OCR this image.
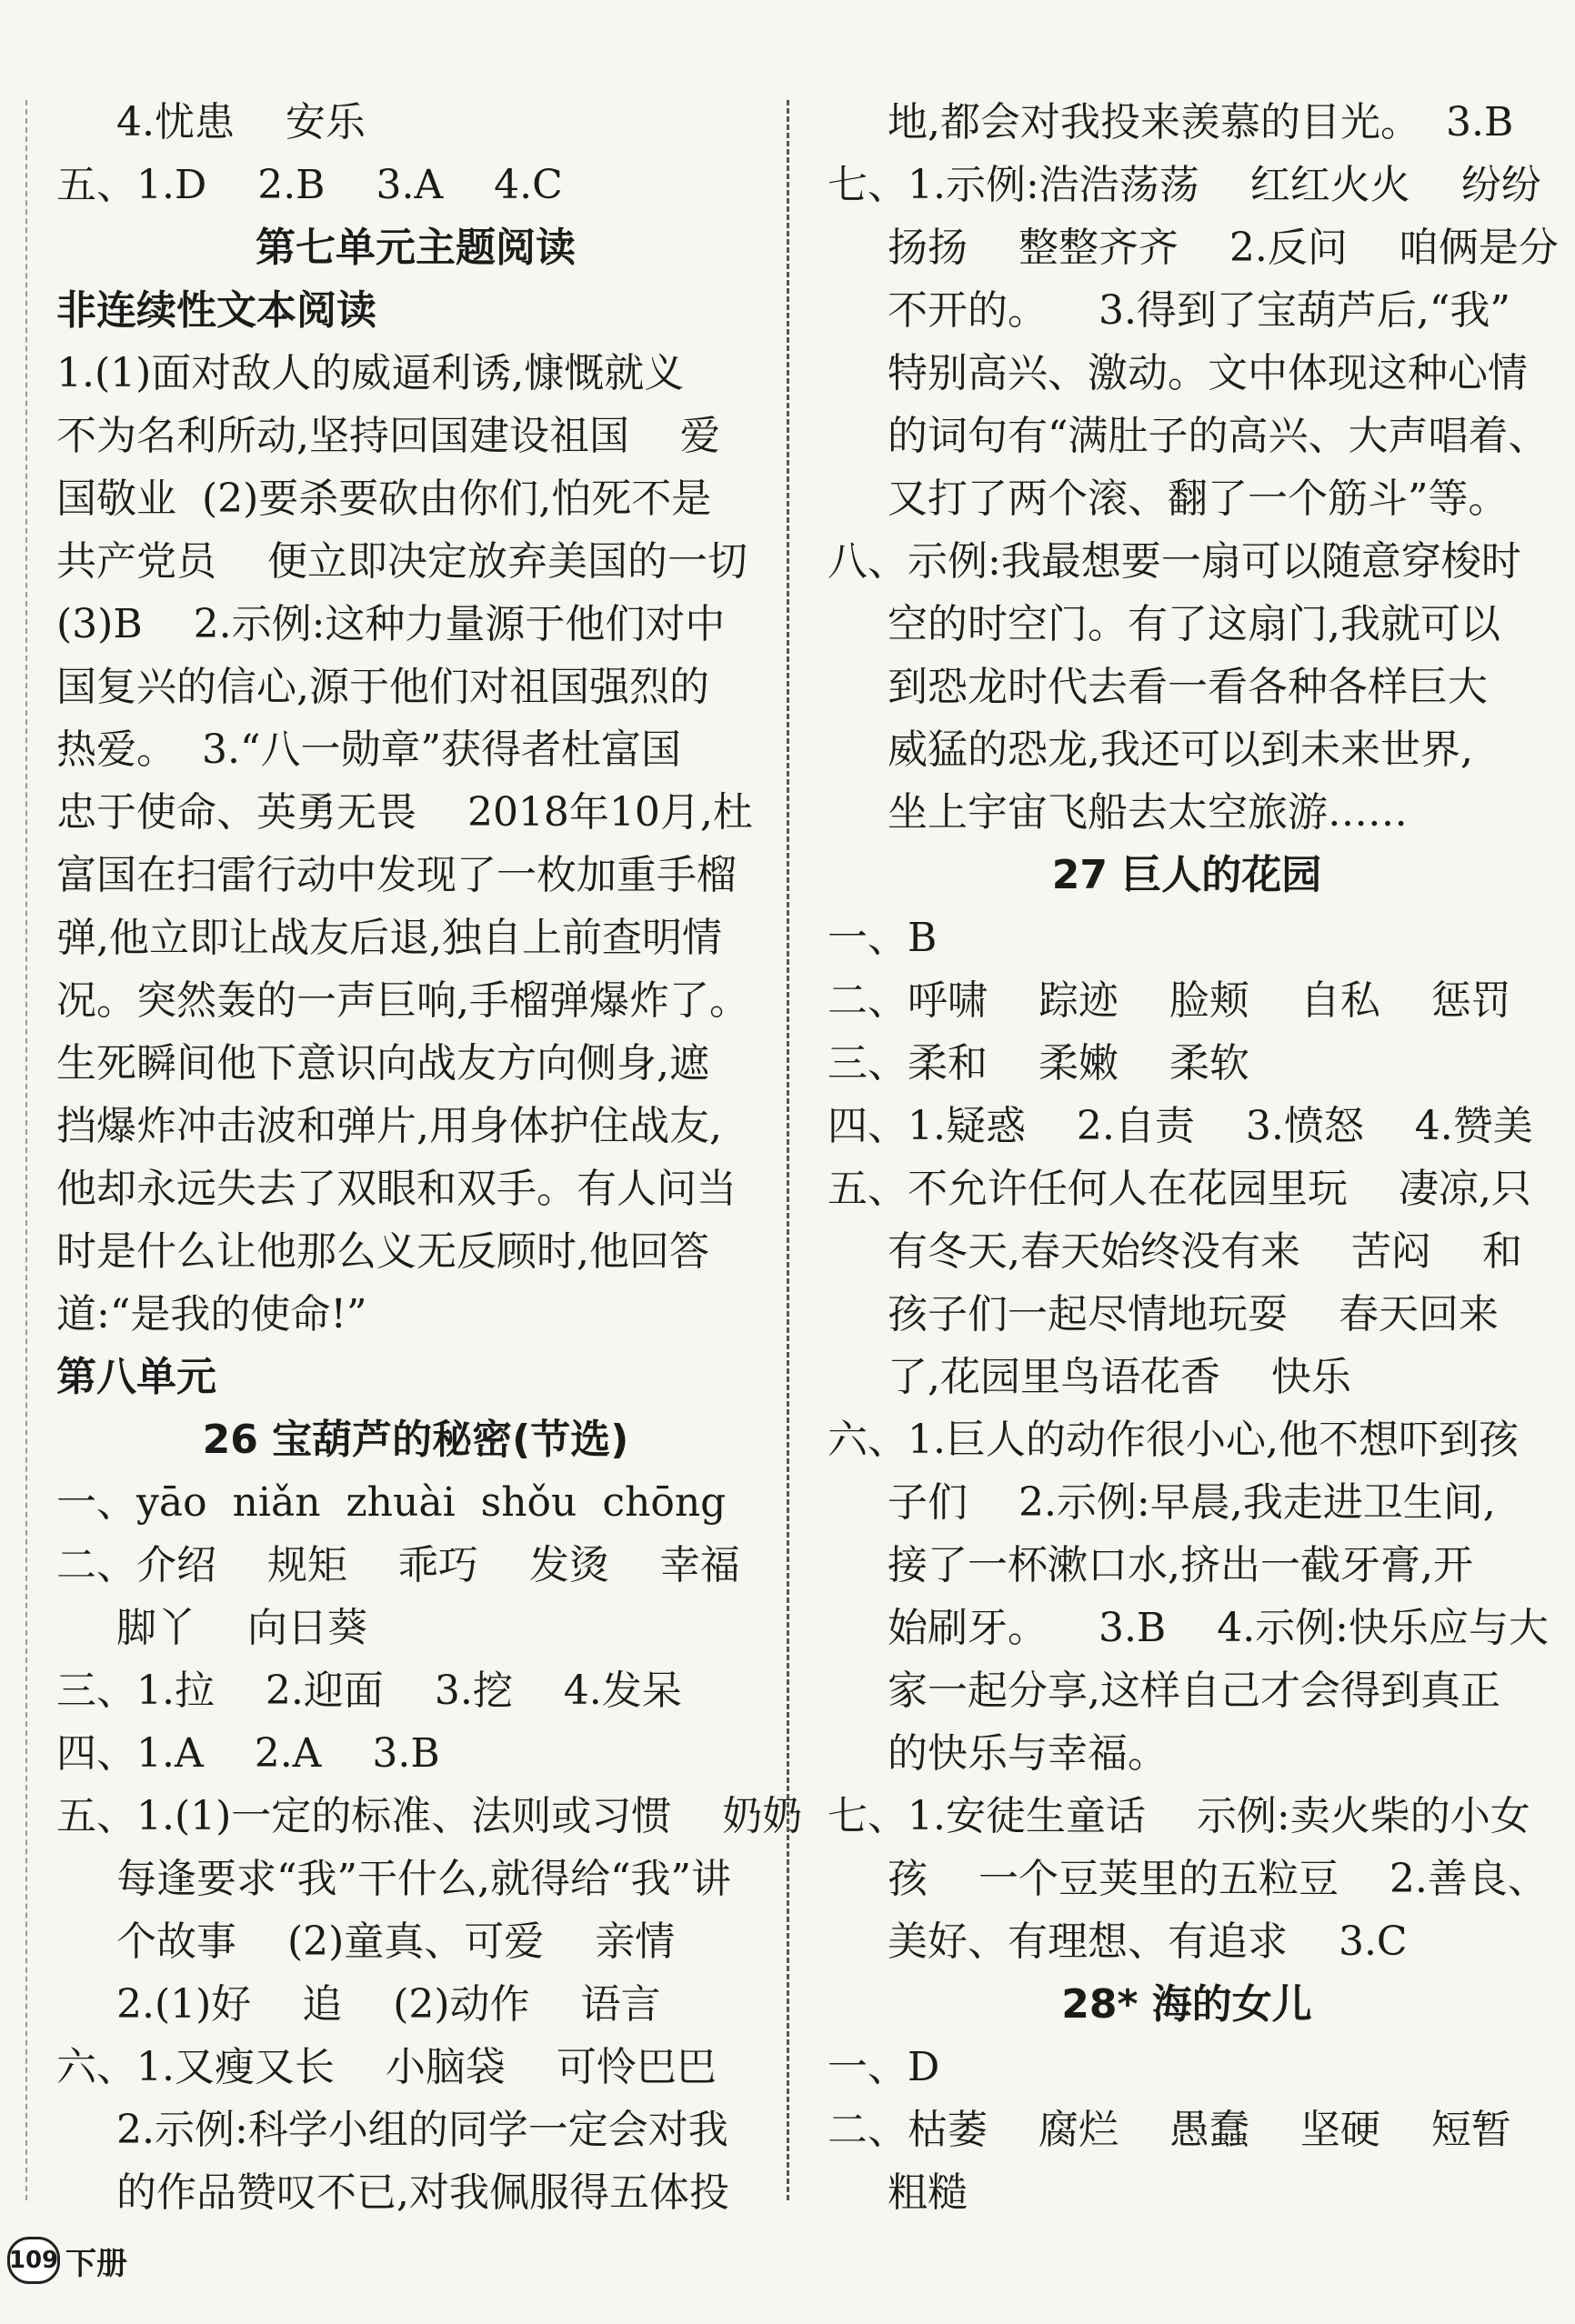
4.忧患    安乐
五、1.D    2.B    3.A    4.C
第七单元主题阅读
非连续性文本阅读
1.(1)面对敌人的威逼利诱,慷慨就义
不为名利所动,坚持回国建设祖国    爱
国敬业  (2)要杀要砍由你们,怕死不是
共产党员    便立即决定放弃美国的一切
(3)B    2.示例:这种力量源于他们对中
国复兴的信心,源于他们对祖国强烈的
热爱。  3.“八一勋章”获得者杜富国
忠于使命、英勇无畏    2018年10月,杜
富国在扫雷行动中发现了一枚加重手榴
弹,他立即让战友后退,独自上前查明情
况。突然轰的一声巨响,手榴弹爆炸了。
生死瞬间他下意识向战友方向侧身,遮
挡爆炸冲击波和弹片,用身体护住战友,
他却永远失去了双眼和双手。有人问当
时是什么让他那么义无反顾时,他回答
道:“是我的使命!”
第八单元
26 宝葫芦的秘密(节选)
一、yāo  niǎn  zhuài  shǒu  chōng
二、介绍    规矩    乖巧    发烫    幸福
脚丫    向日葵
三、1.拉    2.迎面    3.挖    4.发呆
四、1.A    2.A    3.B
五、1.(1)一定的标准、法则或习惯    奶奶
每逢要求“我”干什么,就得给“我”讲
个故事    (2)童真、可爱    亲情
2.(1)好    追    (2)动作    语言
六、1.又瘦又长    小脑袋    可怜巴巴
2.示例:科学小组的同学一定会对我
的作品赞叹不已,对我佩服得五体投
地,都会对我投来羡慕的目光。  3.B
七、1.示例:浩浩荡荡    红红火火    纷纷
扬扬    整整齐齐    2.反问    咱俩是分
不开的。    3.得到了宝葫芦后,“我”
特别高兴、激动。文中体现这种心情
的词句有“满肚子的高兴、大声唱着、
又打了两个滚、翻了一个筋斗”等。
八、示例:我最想要一扇可以随意穿梭时
空的时空门。有了这扇门,我就可以
到恐龙时代去看一看各种各样巨大
威猛的恐龙,我还可以到未来世界,
坐上宇宙飞船去太空旅游……
27 巨人的花园
一、B
二、呼啸    踪迹    脸颊    自私    惩罚
三、柔和    柔嫩    柔软
四、1.疑惑    2.自责    3.愤怒    4.赞美
五、不允许任何人在花园里玩    凄凉,只
有冬天,春天始终没有来    苦闷    和
孩子们一起尽情地玩耍    春天回来
了,花园里鸟语花香    快乐
六、1.巨人的动作很小心,他不想吓到孩
子们    2.示例:早晨,我走进卫生间,
接了一杯漱口水,挤出一截牙膏,开
始刷牙。    3.B    4.示例:快乐应与大
家一起分享,这样自己才会得到真正
的快乐与幸福。
七、1.安徒生童话    示例:卖火柴的小女
孩    一个豆荚里的五粒豆    2.善良、
美好、有理想、有追求    3.C
28* 海的女儿
一、D
二、枯萎    腐烂    愚蠢    坚硬    短暂
粗糙
109 下册
